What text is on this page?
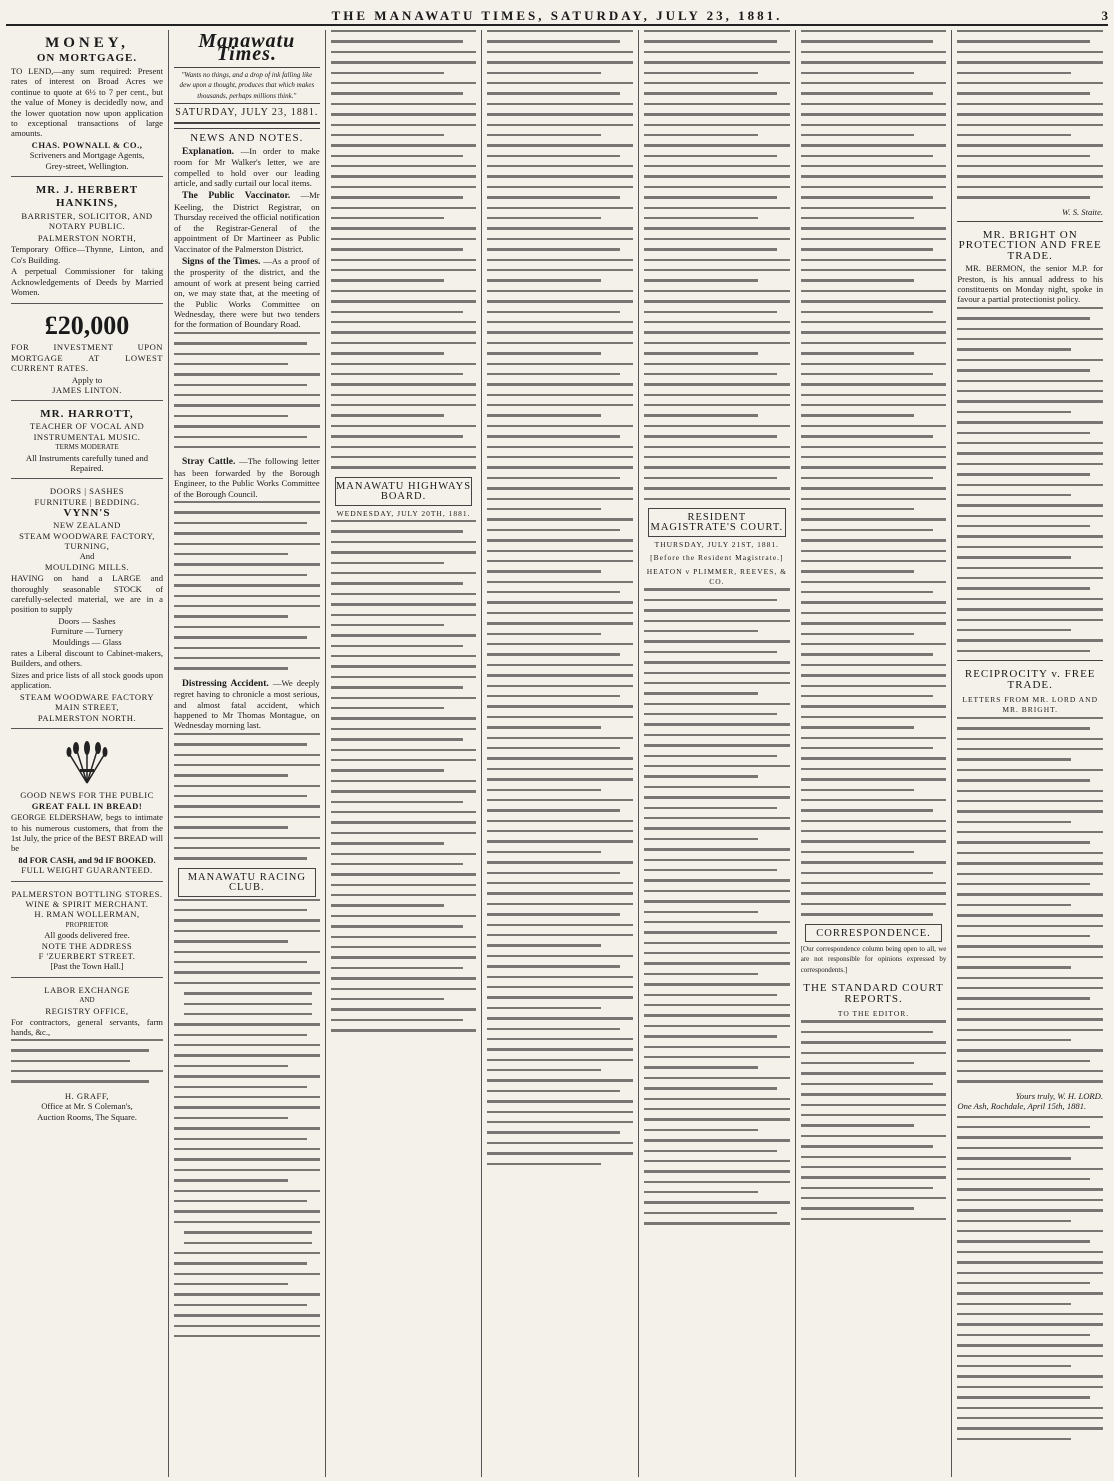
THE MANAWATU TIMES, SATURDAY, JULY 23, 1881.	3
MONEY,
ON MORTGAGE.

TO LEND,—any sum required: Present rates of interest on Broad Acres we continue to quote at 6½ to 7 per cent., but the value of Money is decidedly now, and the lower quotation now upon application to exceptional transactions of large amounts.

CHAS. POWNALL & CO.,
Scriveners and Mortgage Agents,
Grey-street, Wellington.
MR. J. HERBERT HANKINS,

BARRISTER, SOLICITOR, AND NOTARY PUBLIC.

PALMERSTON NORTH,

Temporary Office—Thynne, Linton, and Co's Building.

A perpetual Commissioner for taking Acknowledgements of Deeds by Married Women.

£20,000

FOR INVESTMENT UPON MORTGAGE AT LOWEST CURRENT RATES.

Apply to
JAMES LINTON.
MR. HARROTT,
TEACHER OF VOCAL AND INSTRUMENTAL MUSIC.
TERMS MODERATE
All Instruments carefully tuned and Repaired.
DOORS | SASHES
FURNITURE | BEDDING.
VYNN'S
NEW ZEALAND
STEAM WOODWARE FACTORY,
TURNING,
And
MOULDING MILLS.

HAVING on hand a LARGE and thoroughly seasonable STOCK of carefully-selected material, we are in a position to supply

Doors — Sashes
Furniture — Turnery
Mouldings — Glass

rates a Liberal discount to Cabinet-makers, Builders, and others.

Sizes and price lists of all stock goods upon application.

STEAM WOODWARE FACTORY
MAIN STREET,
PALMERSTON NORTH.
GOOD NEWS FOR THE PUBLIC
GREAT FALL IN BREAD!

GEORGE ELDERSHAW, begs to intimate to his numerous customers, that from the 1st July, the price of the BEST BREAD will be

8d FOR CASH, and 9d IF BOOKED.
FULL WEIGHT GUARANTEED.
PALMERSTON BOTTLING STORES.
WINE & SPIRIT MERCHANT.
H. RMAN WOLLERMAN,
PROPRIETOR
All goods delivered free.
NOTE THE ADDRESS
F 'ZUERBERT STREET.
[Past the Town Hall.]
LABOR EXCHANGE
AND
REGISTRY OFFICE,

For contractors, general servants, farm hands, &c.,

H. GRAFF,
Office at Mr. S Coleman's,
Auction Rooms, The Square.
Manawatu Times.
"Wants no things, and a drop of ink falling like dew upon a thought, produces that which makes thousands, perhaps millions think."
SATURDAY, JULY 23, 1881.
NEWS AND NOTES.

Explanation. —In order to make room for Mr Walker's letter, we are compelled to hold over our leading article, and sadly curtail our local items.

The Public Vaccinator. —Mr Keeling, the District Registrar, on Thursday received the official notification of the Registrar-General of the appointment of Dr Martineer as Public Vaccinator of the Palmerston District.

Signs of the Times. —As a proof of the prosperity of the district, and the amount of work at present being carried on, we may state that, at the meeting of the Public Works Committee on Wednesday, there were but two tenders for the formation of Boundary Road.

Stray Cattle. —The following letter has been forwarded by the Borough Engineer, to the Public Works Committee of the Borough Council.

Distressing Accident. —We deeply regret having to chronicle a most serious, and almost fatal accident, which happened to Mr Thomas Montague, on Wednesday morning last.

MANAWATU RACING CLUB.
MANAWATU HIGHWAYS BOARD.
WEDNESDAY, JULY 20TH, 1881.	RESIDENT MAGISTRATE'S COURT.
THURSDAY, JULY 21ST, 1881.
[Before the Resident Magistrate.]
HEATON v PLIMMER, REEVES, & CO.
CORRESPONDENCE.

[Our correspondence column being open to all, we are not responsible for opinions expressed by correspondents.]

THE STANDARD COURT REPORTS.
TO THE EDITOR.
W. S. Staite.
MR. BRIGHT ON PROTECTION AND FREE TRADE.

MR. BERMON, the senior M.P. for Preston, is his annual address to his constituents on Monday night, spoke in favour a partial protectionist policy.

RECIPROCITY v. FREE TRADE.
LETTERS FROM MR. LORD AND MR. BRIGHT.
Yours truly, W. H. LORD.
One Ash, Rochdale, April 15th, 1881.
